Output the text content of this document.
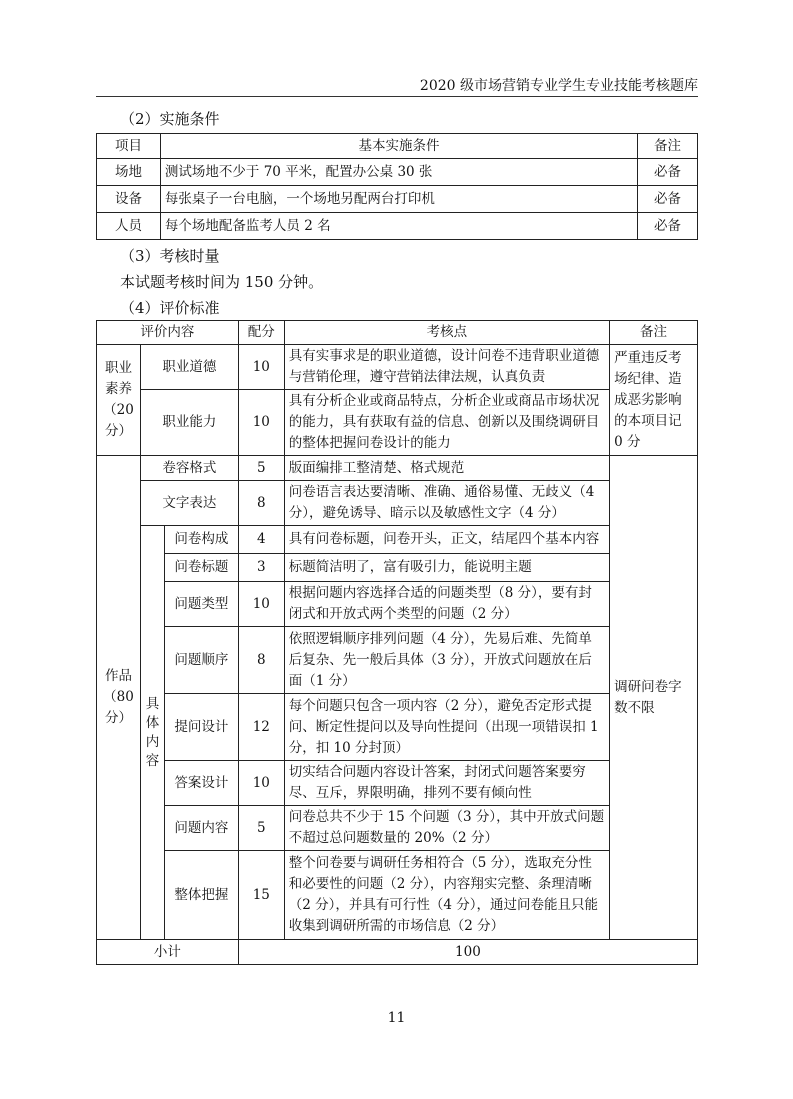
2020 级市场营销专业学生专业技能考核题库
（2）实施条件
项目	基本实施条件	备注
场地	测试场地不少于 70 平米，配置办公桌 30 张	必备
设备	每张桌子一台电脑，一个场地另配两台打印机	必备
人员	每个场地配备监考人员 2 名	必备
（3）考核时量
本试题考核时间为 150 分钟。
（4）评价标准
评价内容			配分	考核点	备注
职业素养（20 分）	职业道德		10	具有实事求是的职业道德，设计问卷不违背职业道德与营销伦理，遵守营销法律法规，认真负责	严重违反考场纪律、造成恶劣影响的本项目记 0 分
	职业能力		10	具有分析企业或商品特点，分析企业或商品市场状况的能力，具有获取有益的信息、创新以及围绕调研目的整体把握问卷设计的能力	
作品（80 分）	卷容格式		5	版面编排工整清楚、格式规范	调研问卷字数不限
	文字表达		8	问卷语言表达要清晰、准确、通俗易懂、无歧义（4 分），避免诱导、暗示以及敏感性文字（4 分）	
	具体内容	问卷构成	4	具有问卷标题，问卷开头，正文，结尾四个基本内容	
		问卷标题	3	标题简洁明了，富有吸引力，能说明主题	
		问题类型	10	根据问题内容选择合适的问题类型（8 分），要有封闭式和开放式两个类型的问题（2 分）	
		问题顺序	8	依照逻辑顺序排列问题（4 分），先易后难、先简单后复杂、先一般后具体（3 分），开放式问题放在后面（1 分）	
		提问设计	12	每个问题只包含一项内容（2 分），避免否定形式提问、断定性提问以及导向性提问（出现一项错误扣 1 分，扣 10 分封顶）	
		答案设计	10	切实结合问题内容设计答案，封闭式问题答案要穷尽、互斥，界限明确，排列不要有倾向性	
		问题内容	5	问卷总共不少于 15 个问题（3 分），其中开放式问题不超过总问题数量的 20%（2 分）	
		整体把握	15	整个问卷要与调研任务相符合（5 分），选取充分性和必要性的问题（2 分），内容翔实完整、条理清晰（2 分），并具有可行性（4 分），通过问卷能且只能收集到调研所需的市场信息（2 分）	
小计			100		
11
